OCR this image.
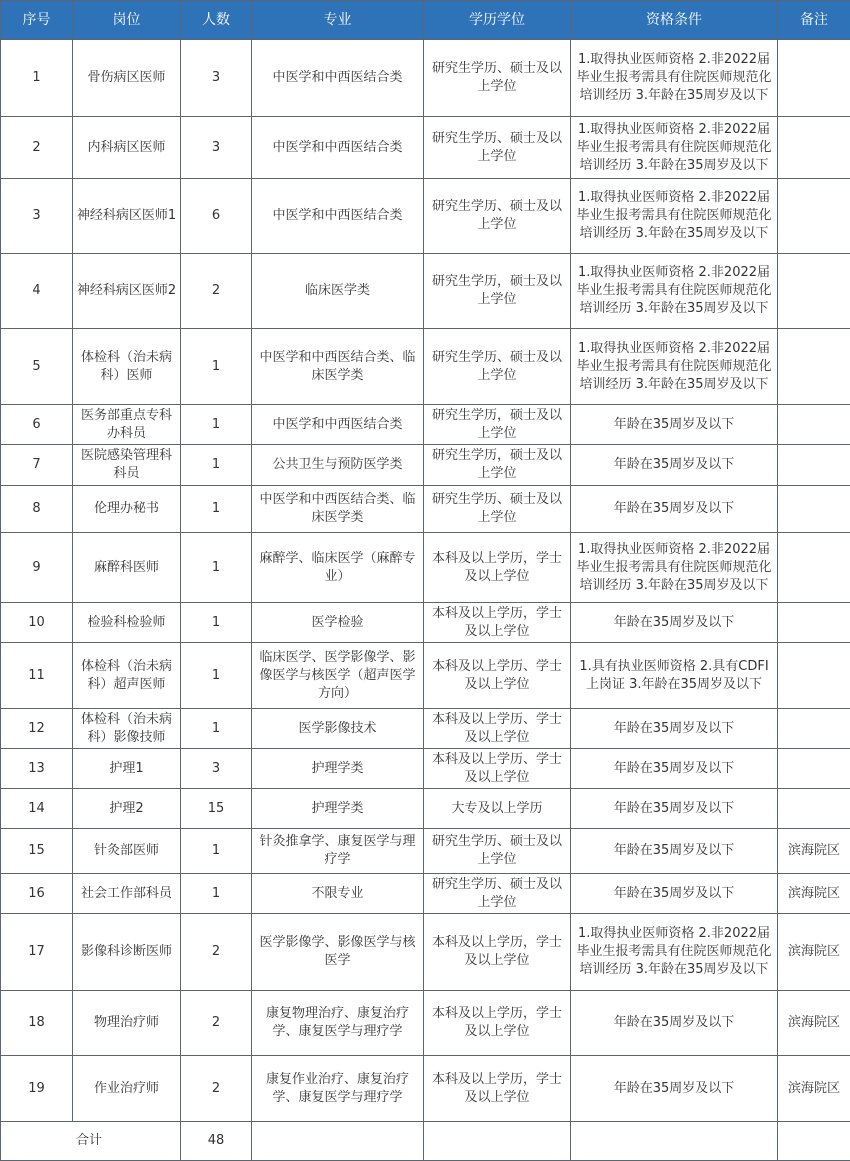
序号	岗位	人数	专业	学历学位	资格条件	备注
1	骨伤病区医师	3	中医学和中西医结合类	研究生学历、硕士及以上学位	1.取得执业医师资格 2.非2022届毕业生报考需具有住院医师规范化培训经历 3.年龄在35周岁及以下	
2	内科病区医师	3	中医学和中西医结合类	研究生学历、硕士及以上学位	1.取得执业医师资格 2.非2022届毕业生报考需具有住院医师规范化培训经历 3.年龄在35周岁及以下	
3	神经科病区医师1	6	中医学和中西医结合类	研究生学历、硕士及以上学位	1.取得执业医师资格 2.非2022届毕业生报考需具有住院医师规范化培训经历 3.年龄在35周岁及以下	
4	神经科病区医师2	2	临床医学类	研究生学历，硕士及以上学位	1.取得执业医师资格 2.非2022届毕业生报考需具有住院医师规范化培训经历 3.年龄在35周岁及以下	
5	体检科（治未病科）医师	1	中医学和中西医结合类、临床医学类	研究生学历、硕士及以上学位	1.取得执业医师资格 2.非2022届毕业生报考需具有住院医师规范化培训经历 3.年龄在35周岁及以下	
6	医务部重点专科办科员	1	中医学和中西医结合类	研究生学历，硕士及以上学位	年龄在35周岁及以下	
7	医院感染管理科科员	1	公共卫生与预防医学类	研究生学历，硕士及以上学位	年龄在35周岁及以下	
8	伦理办秘书	1	中医学和中西医结合类、临床医学类	研究生学历、硕士及以上学位	年龄在35周岁及以下	
9	麻醉科医师	1	麻醉学、临床医学（麻醉专业）	本科及以上学历，学士及以上学位	1.取得执业医师资格 2.非2022届毕业生报考需具有住院医师规范化培训经历 3.年龄在35周岁及以下	
10	检验科检验师	1	医学检验	本科及以上学历，学士及以上学位	年龄在35周岁及以下	
11	体检科（治未病科）超声医师	1	临床医学、医学影像学、影像医学与核医学（超声医学方向）	本科及以上学历、学士及以上学位	1.具有执业医师资格 2.具有CDFI上岗证 3.年龄在35周岁及以下	
12	体检科（治未病科）影像技师	1	医学影像技术	本科及以上学历、学士及以上学位	年龄在35周岁及以下	
13	护理1	3	护理学类	本科及以上学历、学士及以上学位	年龄在35周岁及以下	
14	护理2	15	护理学类	大专及以上学历	年龄在35周岁及以下	
15	针灸部医师	1	针灸推拿学、康复医学与理疗学	研究生学历、硕士及以上学位	年龄在35周岁及以下	滨海院区
16	社会工作部科员	1	不限专业	研究生学历、硕士及以上学位	年龄在35周岁及以下	滨海院区
17	影像科诊断医师	2	医学影像学、影像医学与核医学	本科及以上学历，学士及以上学位	1.取得执业医师资格 2.非2022届毕业生报考需具有住院医师规范化培训经历 3.年龄在35周岁及以下	滨海院区
18	物理治疗师	2	康复物理治疗、康复治疗学、康复医学与理疗学	本科及以上学历，学士及以上学位	年龄在35周岁及以下	滨海院区
19	作业治疗师	2	康复作业治疗、康复治疗学、康复医学与理疗学	本科及以上学历，学士及以上学位	年龄在35周岁及以下	滨海院区
合计		48				
